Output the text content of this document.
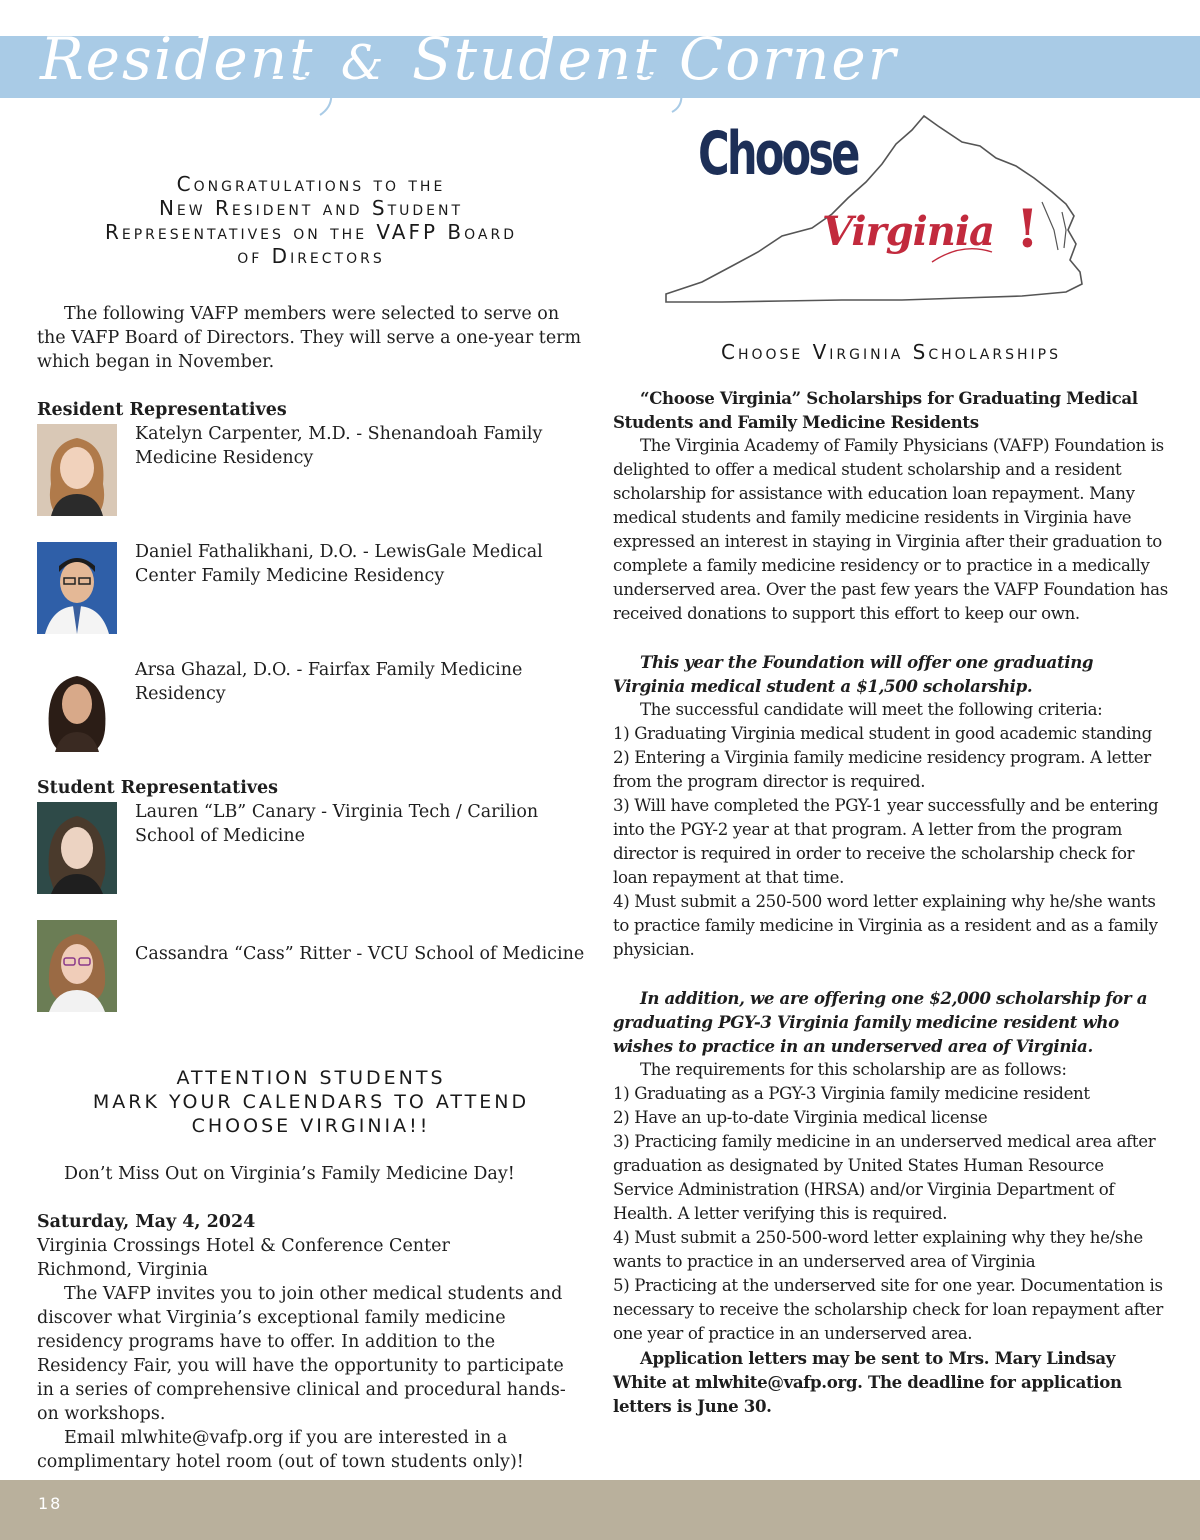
Resident & Student Corner
Congratulations to the
New Resident and Student
Representatives on the VAFP Board
of Directors
The following VAFP members were selected to serve on the VAFP Board of Directors. They will serve a one-year term which began in November.
Resident Representatives
Katelyn Carpenter, M.D. - Shenandoah Family Medicine Residency
Daniel Fathalikhani, D.O. - LewisGale Medical Center Family Medicine Residency
Arsa Ghazal, D.O. - Fairfax Family Medicine Residency
Student Representatives
Lauren “LB” Canary - Virginia Tech / Carilion School of Medicine
Cassandra “Cass” Ritter - VCU School of Medicine
ATTENTION STUDENTS
MARK YOUR CALENDARS TO ATTEND
CHOOSE VIRGINIA!!
Don’t Miss Out on Virginia’s Family Medicine Day!
Saturday, May 4, 2024
Virginia Crossings Hotel & Conference Center
Richmond, Virginia
The VAFP invites you to join other medical students and discover what Virginia’s exceptional family medicine residency programs have to offer. In addition to the Residency Fair, you will have the opportunity to participate in a series of comprehensive clinical and procedural hands-on workshops.
Email mlwhite@vafp.org if you are interested in a complimentary hotel room (out of town students only)!
Choose
Virginia !
Choose Virginia Scholarships
“Choose Virginia” Scholarships for Graduating Medical Students and Family Medicine Residents
The Virginia Academy of Family Physicians (VAFP) Foundation is delighted to offer a medical student scholarship and a resident scholarship for assistance with education loan repayment. Many medical students and family medicine residents in Virginia have expressed an interest in staying in Virginia after their graduation to complete a family medicine residency or to practice in a medically underserved area. Over the past few years the VAFP Foundation has received donations to support this effort to keep our own.
This year the Foundation will offer one graduating Virginia medical student a $1,500 scholarship.
The successful candidate will meet the following criteria:
1) Graduating Virginia medical student in good academic standing
2) Entering a Virginia family medicine residency program. A letter from the program director is required.
3) Will have completed the PGY-1 year successfully and be entering into the PGY-2 year at that program. A letter from the program director is required in order to receive the scholarship check for loan repayment at that time.
4) Must submit a 250-500 word letter explaining why he/she wants to practice family medicine in Virginia as a resident and as a family physician.
In addition, we are offering one $2,000 scholarship for a graduating PGY-3 Virginia family medicine resident who wishes to practice in an underserved area of Virginia.
The requirements for this scholarship are as follows:
1) Graduating as a PGY-3 Virginia family medicine resident
2) Have an up-to-date Virginia medical license
3) Practicing family medicine in an underserved medical area after graduation as designated by United States Human Resource Service Administration (HRSA) and/or Virginia Department of Health. A letter verifying this is required.
4) Must submit a 250-500-word letter explaining why they he/she wants to practice in an underserved area of Virginia
5) Practicing at the underserved site for one year. Documentation is necessary to receive the scholarship check for loan repayment after one year of practice in an underserved area.
Application letters may be sent to Mrs. Mary Lindsay White at mlwhite@vafp.org. The deadline for application letters is June 30.
18
